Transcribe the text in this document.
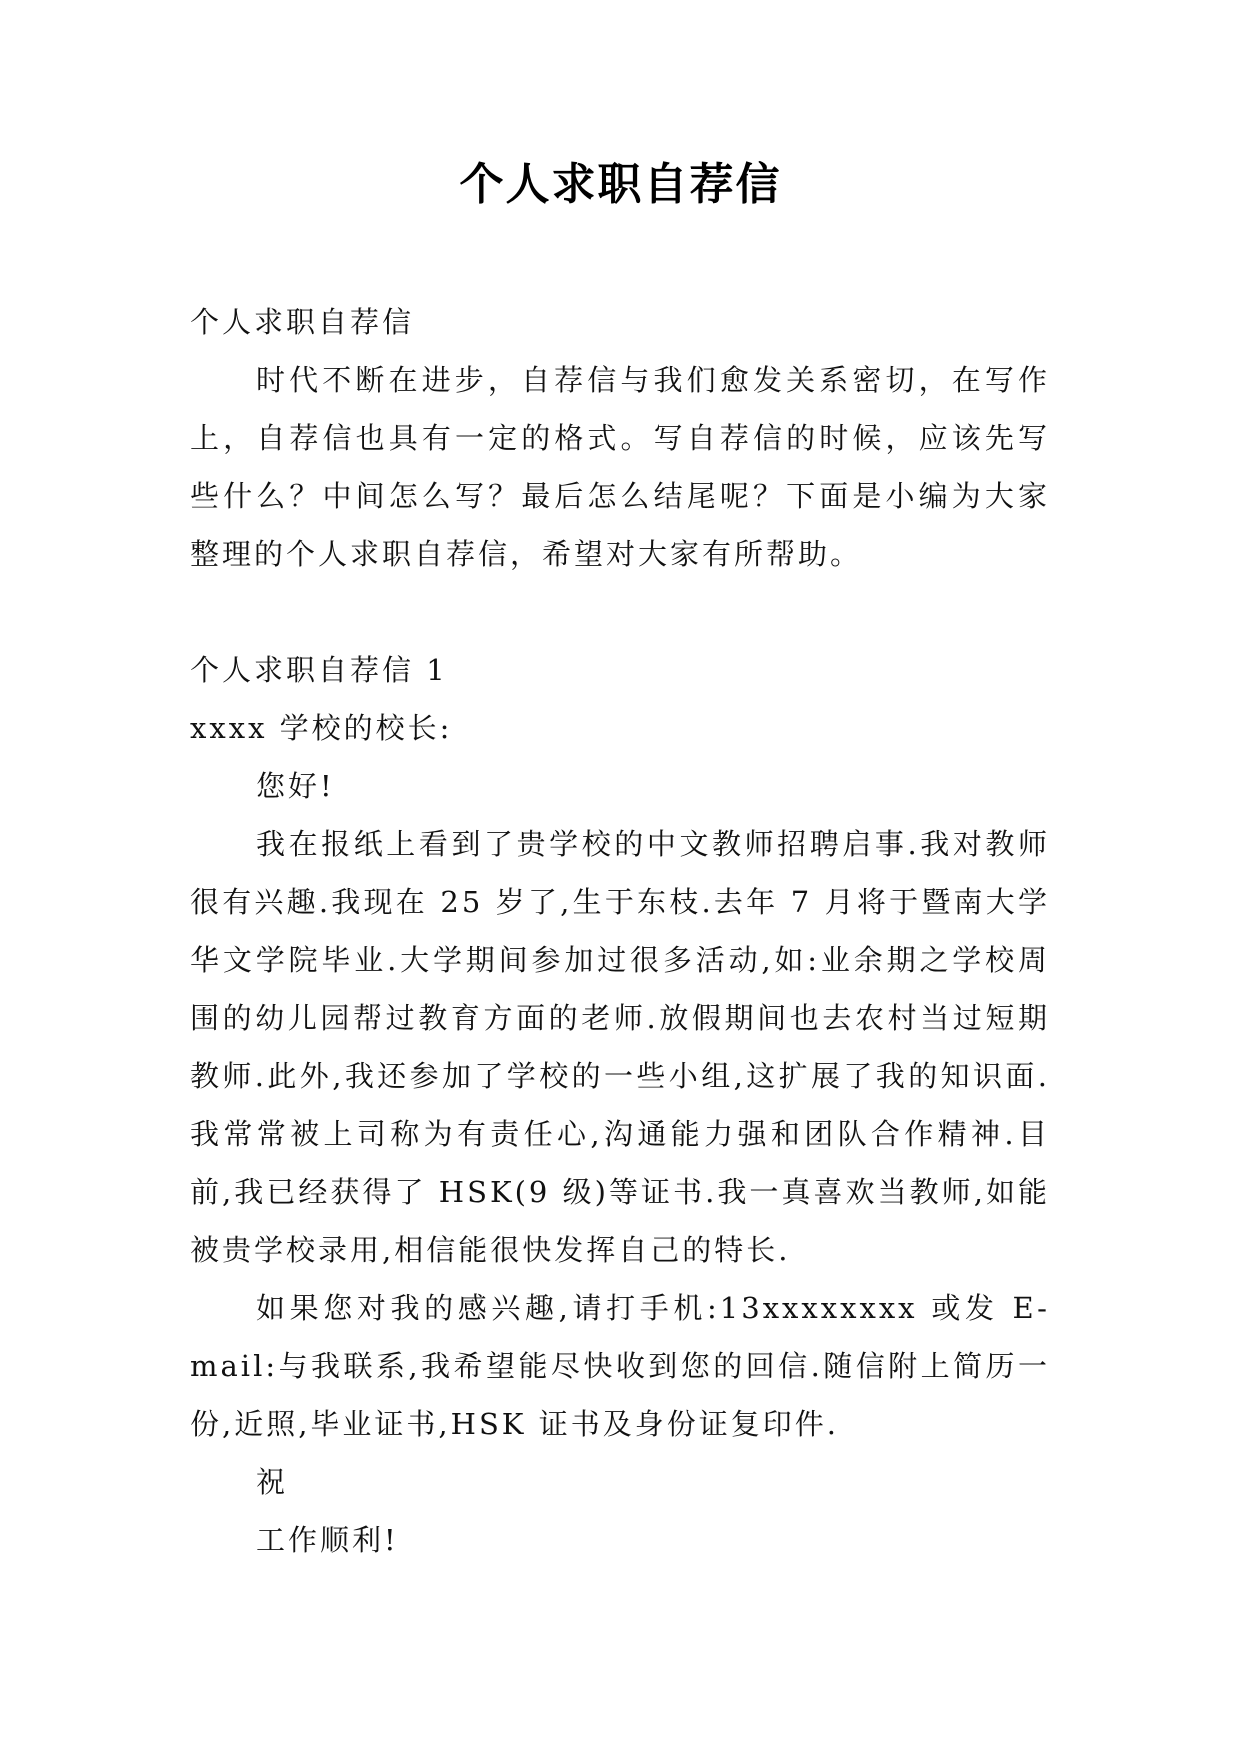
个人求职自荐信

个人求职自荐信

时代不断在进步，自荐信与我们愈发关系密切，在写作上，自荐信也具有一定的格式。写自荐信的时候，应该先写些什么？中间怎么写？最后怎么结尾呢？下面是小编为大家整理的个人求职自荐信，希望对大家有所帮助。

个人求职自荐信 1

xxxx 学校的校长:

您好!

我在报纸上看到了贵学校的中文教师招聘启事.我对教师很有兴趣.我现在 25 岁了,生于东枝.去年 7 月将于暨南大学华文学院毕业.大学期间参加过很多活动,如:业余期之学校周围的幼儿园帮过教育方面的老师.放假期间也去农村当过短期教师.此外,我还参加了学校的一些小组,这扩展了我的知识面.我常常被上司称为有责任心,沟通能力强和团队合作精神.目前,我已经获得了 HSK(9 级)等证书.我一真喜欢当教师,如能被贵学校录用,相信能很快发挥自己的特长.

如果您对我的感兴趣,请打手机:13xxxxxxxx 或发 E-mail:与我联系,我希望能尽快收到您的回信.随信附上简历一份,近照,毕业证书,HSK 证书及身份证复印件.

祝

工作顺利!
